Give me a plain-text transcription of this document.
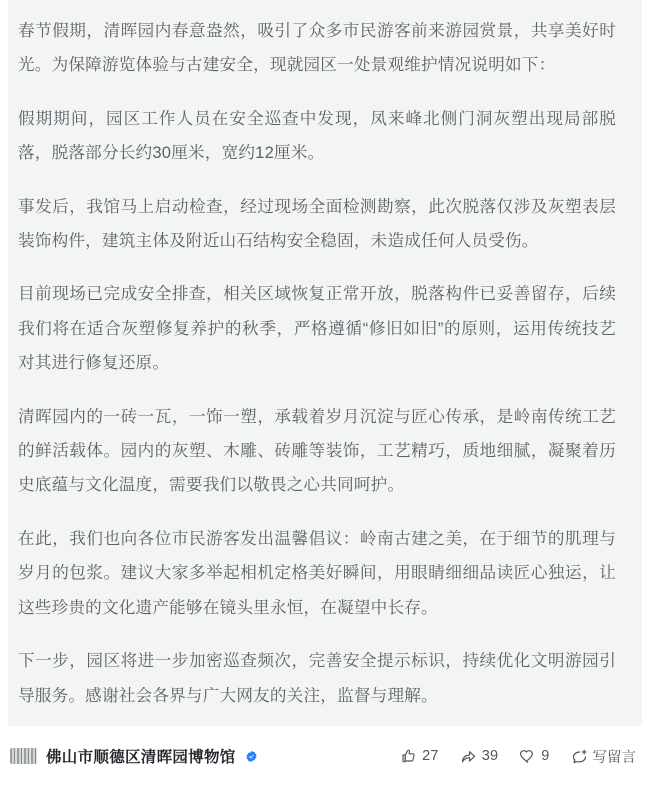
春节假期，清晖园内春意盎然，吸引了众多市民游客前来游园赏景，共享美好时光。为保障游览体验与古建安全，现就园区一处景观维护情况说明如下：

假期期间，园区工作人员在安全巡查中发现，凤来峰北侧门洞灰塑出现局部脱落，脱落部分长约30厘米，宽约12厘米。

事发后，我馆马上启动检查，经过现场全面检测勘察，此次脱落仅涉及灰塑表层装饰构件，建筑主体及附近山石结构安全稳固，未造成任何人员受伤。

目前现场已完成安全排查，相关区域恢复正常开放，脱落构件已妥善留存，后续我们将在适合灰塑修复养护的秋季，严格遵循“修旧如旧”的原则，运用传统技艺对其进行修复还原。

清晖园内的一砖一瓦，一饰一塑，承载着岁月沉淀与匠心传承，是岭南传统工艺的鲜活载体。园内的灰塑、木雕、砖雕等装饰，工艺精巧，质地细腻，凝聚着历史底蕴与文化温度，需要我们以敬畏之心共同呵护。

在此，我们也向各位市民游客发出温馨倡议：岭南古建之美，在于细节的肌理与岁月的包浆。建议大家多举起相机定格美好瞬间，用眼睛细细品读匠心独运，让这些珍贵的文化遗产能够在镜头里永恒，在凝望中长存。

下一步，园区将进一步加密巡查频次，完善安全提示标识，持续优化文明游园引导服务。感谢社会各界与广大网友的关注，监督与理解。

佛山市顺德区清晖园博物馆	27	39	9	写留言
